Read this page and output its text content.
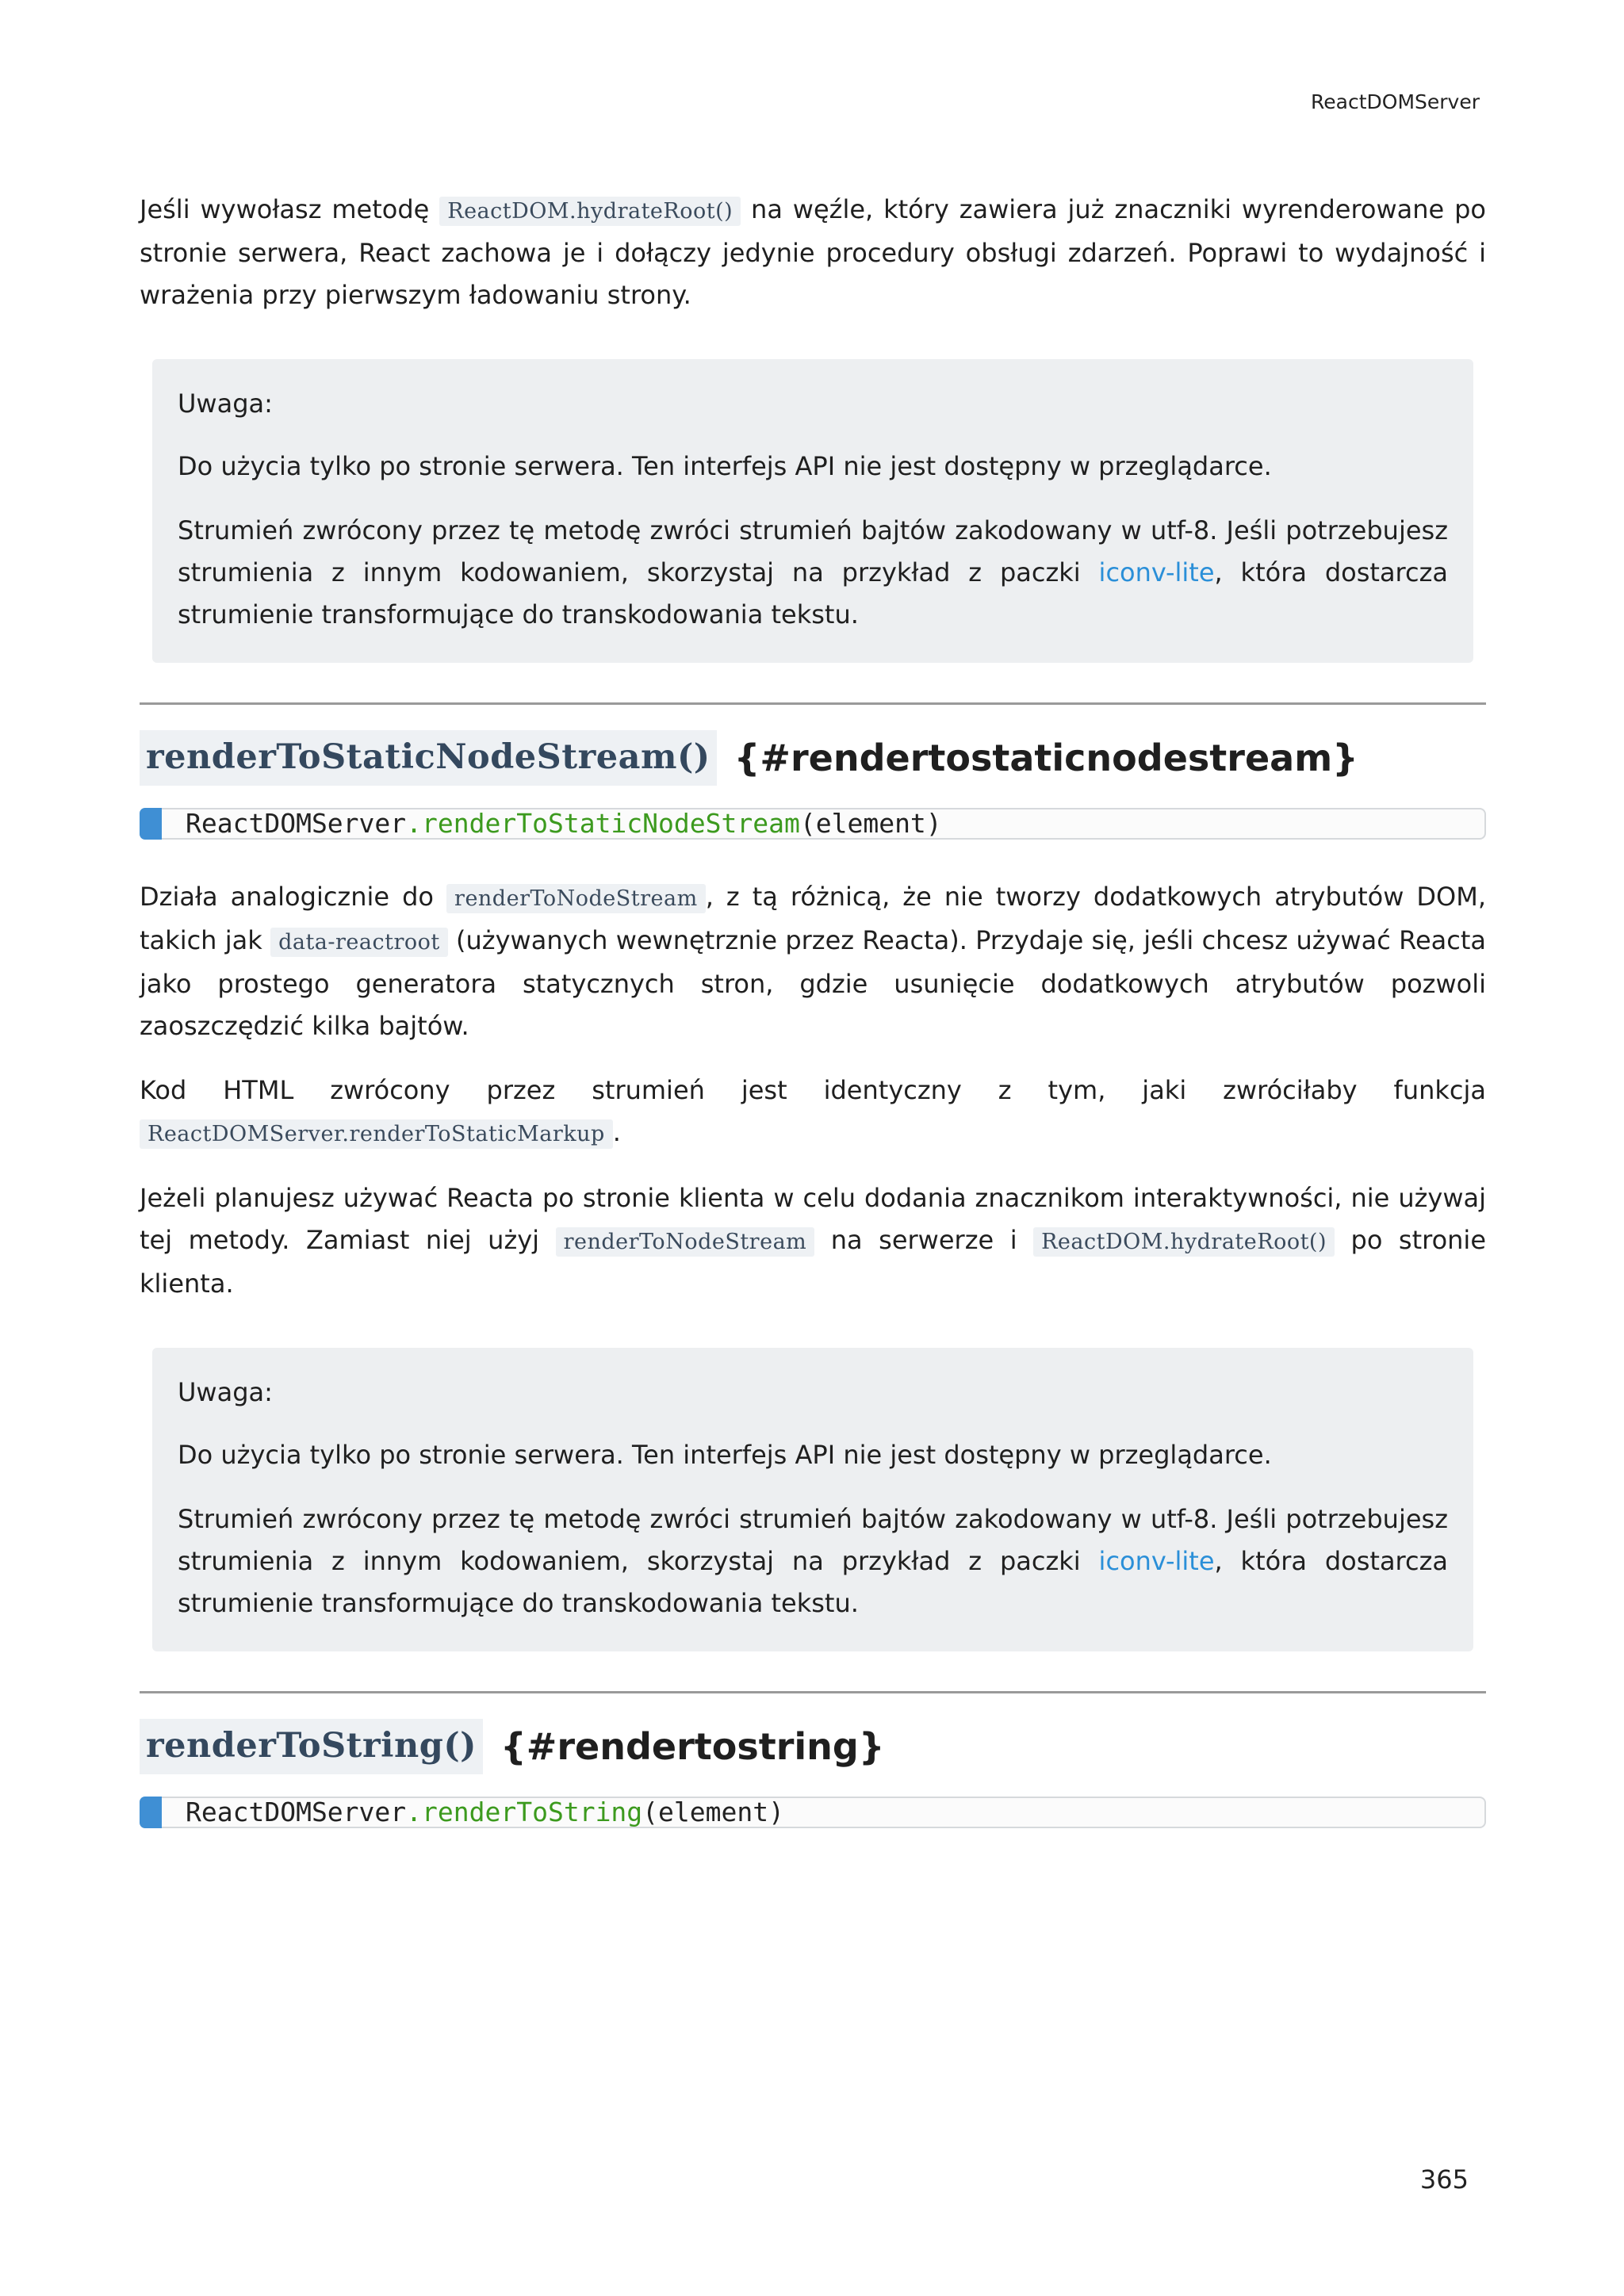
ReactDOMServer

Jeśli wywołasz metodę ReactDOM.hydrateRoot() na węźle, który zawiera już znaczniki wyrenderowane po stronie serwera, React zachowa je i dołączy jedynie procedury obsługi zdarzeń. Poprawi to wydajność i wrażenia przy pierwszym ładowaniu strony.

Uwaga:

Do użycia tylko po stronie serwera. Ten interfejs API nie jest dostępny w przeglądarce.

Strumień zwrócony przez tę metodę zwróci strumień bajtów zakodowany w utf-8. Jeśli potrzebujesz strumienia z innym kodowaniem, skorzystaj na przykład z paczki iconv-lite, która dostarcza strumienie transformujące do transkodowania tekstu.

renderToStaticNodeStream() {#rendertostaticnodestream}
ReactDOMServer.renderToStaticNodeStream(element)

Działa analogicznie do renderToNodeStream , z tą różnicą, że nie tworzy dodatkowych atrybutów DOM, takich jak data-reactroot (używanych wewnętrznie przez Reacta). Przydaje się, jeśli chcesz używać Reacta jako prostego generatora statycznych stron, gdzie usunięcie dodatkowych atrybutów pozwoli zaoszczędzić kilka bajtów.

Kod HTML zwrócony przez strumień jest identyczny z tym, jaki zwróciłaby funkcja ReactDOMServer.renderToStaticMarkup .

Jeżeli planujesz używać Reacta po stronie klienta w celu dodania znacznikom interaktywności, nie używaj tej metody. Zamiast niej użyj renderToNodeStream na serwerze i ReactDOM.hydrateRoot() po stronie klienta.

Uwaga:

Do użycia tylko po stronie serwera. Ten interfejs API nie jest dostępny w przeglądarce.

Strumień zwrócony przez tę metodę zwróci strumień bajtów zakodowany w utf-8. Jeśli potrzebujesz strumienia z innym kodowaniem, skorzystaj na przykład z paczki iconv-lite, która dostarcza strumienie transformujące do transkodowania tekstu.

renderToString() {#rendertostring}
ReactDOMServer.renderToString(element)
365
